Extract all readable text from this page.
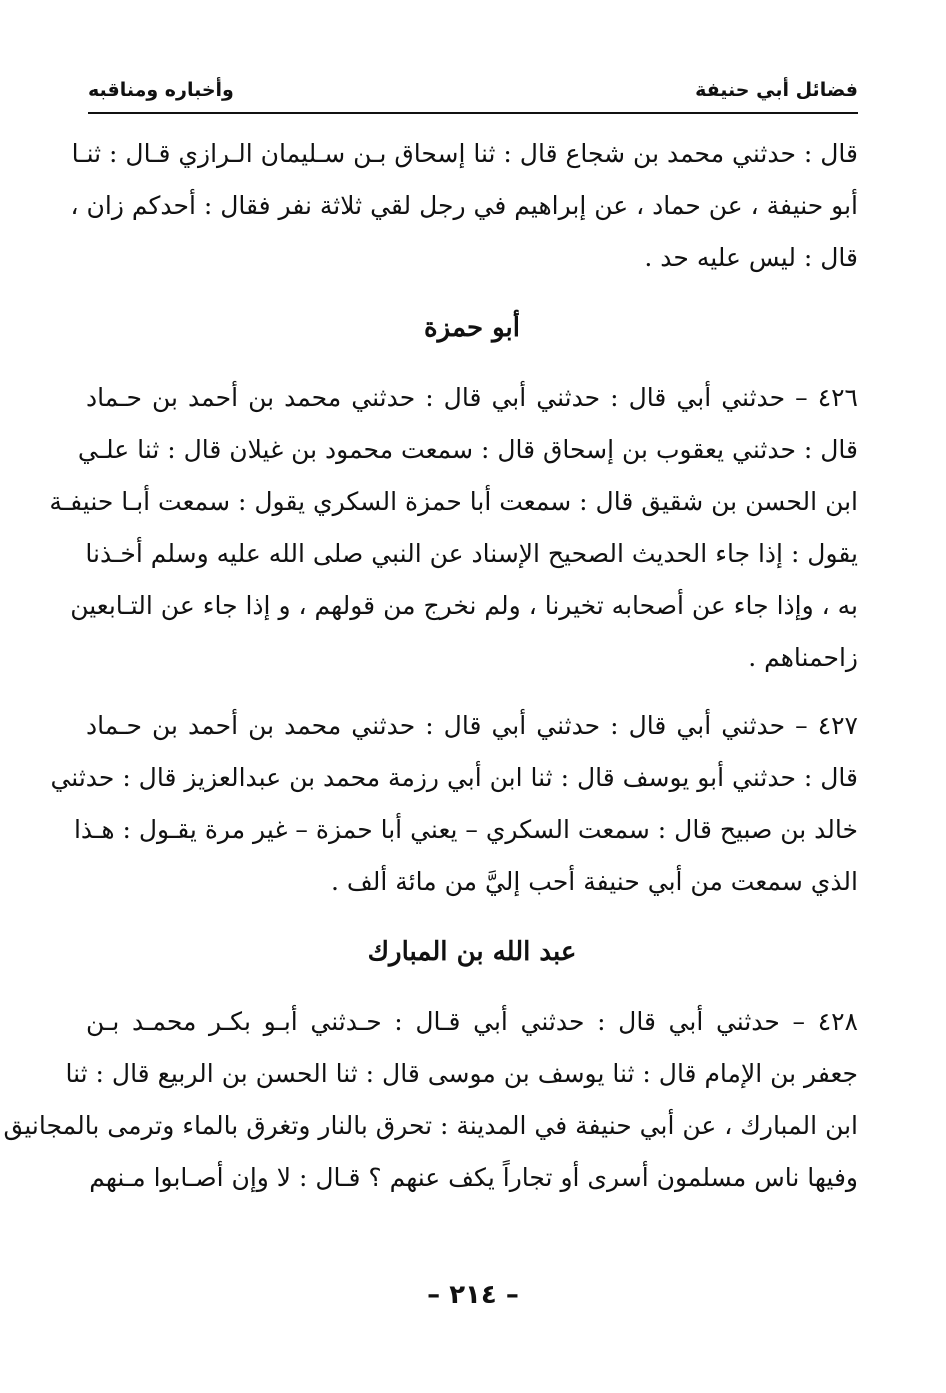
وأخباره ومناقبه	فضائل أبي حنيفة
قال : حدثني محمد بن شجاع قال : ثنا إسحاق بـن سـليمان الـرازي قـال : ثنـا
أبو حنيفة ، عن حماد ، عن إبراهيم في رجل لقي ثلاثة نفر فقال : أحدكم زان ،
قال : ليس عليه حد .
أبو حمزة
٤٢٦ – حدثني أبي قال : حدثني أبي قال : حدثني محمد بن أحمد بن حـماد
قال : حدثني يعقوب بن إسحاق قال : سمعت محمود بن غيلان قال : ثنا علـي
ابن الحسن بن شقيق قال : سمعت أبا حمزة السكري يقول : سمعت أبـا حنيفـة
يقول : إذا جاء الحديث الصحيح الإسناد عن النبي صلى الله عليه وسلم أخـذنا
به ، وإذا جاء عن أصحابه تخيرنا ، ولم نخرج من قولهم ، و إذا جاء عن التـابعين
زاحمناهم .
٤٢٧ – حدثني أبي قال : حدثني أبي قال : حدثني محمد بن أحمد بن حـماد
قال : حدثني أبو يوسف قال : ثنا ابن أبي رزمة محمد بن عبدالعزيز قال : حدثني
خالد بن صبيح قال : سمعت السكري – يعني أبا حمزة – غير مرة يقـول : هـذا
الذي سمعت من أبي حنيفة أحب إليَّ من مائة ألف .
عبد الله بن المبارك
٤٢٨ – حدثني أبي قال : حدثني أبي قـال : حـدثني أبـو بكـر محمـد بـن
جعفر بن الإمام قال : ثنا يوسف بن موسى قال : ثنا الحسن بن الربيع قال : ثنا
ابن المبارك ، عن أبي حنيفة في المدينة : تحرق بالنار وتغرق بالماء وترمى بالمجانيق
وفيها ناس مسلمون أسرى أو تجاراً يكف عنهم ؟ قـال : لا وإن أصـابوا مـنهم
– ٢١٤ –
